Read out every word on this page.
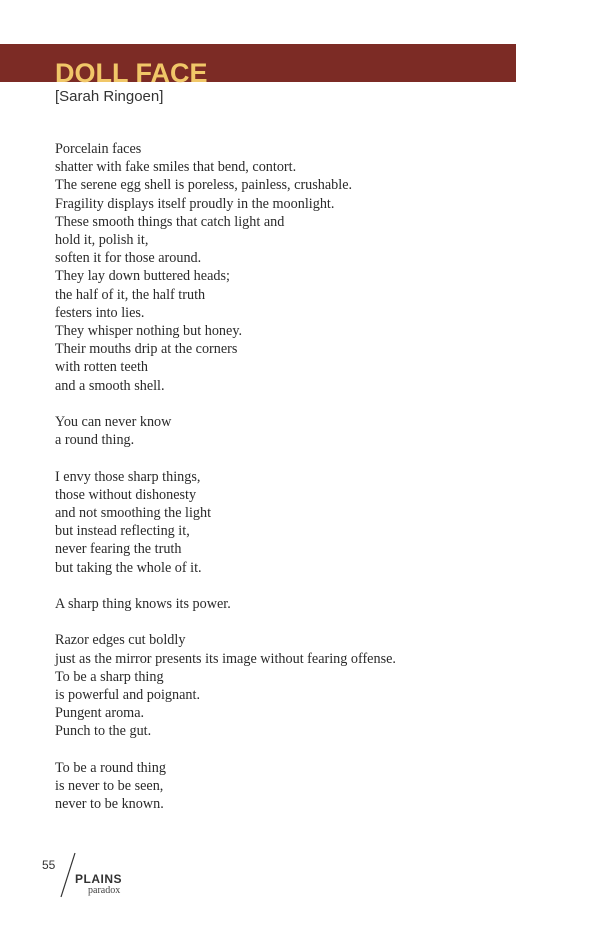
DOLL FACE
[Sarah Ringoen]
Porcelain faces
shatter with fake smiles that bend, contort.
The serene egg shell is poreless, painless, crushable.
Fragility displays itself proudly in the moonlight.
These smooth things that catch light and
hold it, polish it,
soften it for those around.
They lay down buttered heads;
the half of it, the half truth
festers into lies.
They whisper nothing but honey.
Their mouths drip at the corners
with rotten teeth
and a smooth shell.
You can never know
a round thing.
I envy those sharp things,
those without dishonesty
and not smoothing the light
but instead reflecting it,
never fearing the truth
but taking the whole of it.
A sharp thing knows its power.
Razor edges cut boldly
just as the mirror presents its image without fearing offense.
To be a sharp thing
is powerful and poignant.
Pungent aroma.
Punch to the gut.
To be a round thing
is never to be seen,
never to be known.
55
PLAINS
paradox
